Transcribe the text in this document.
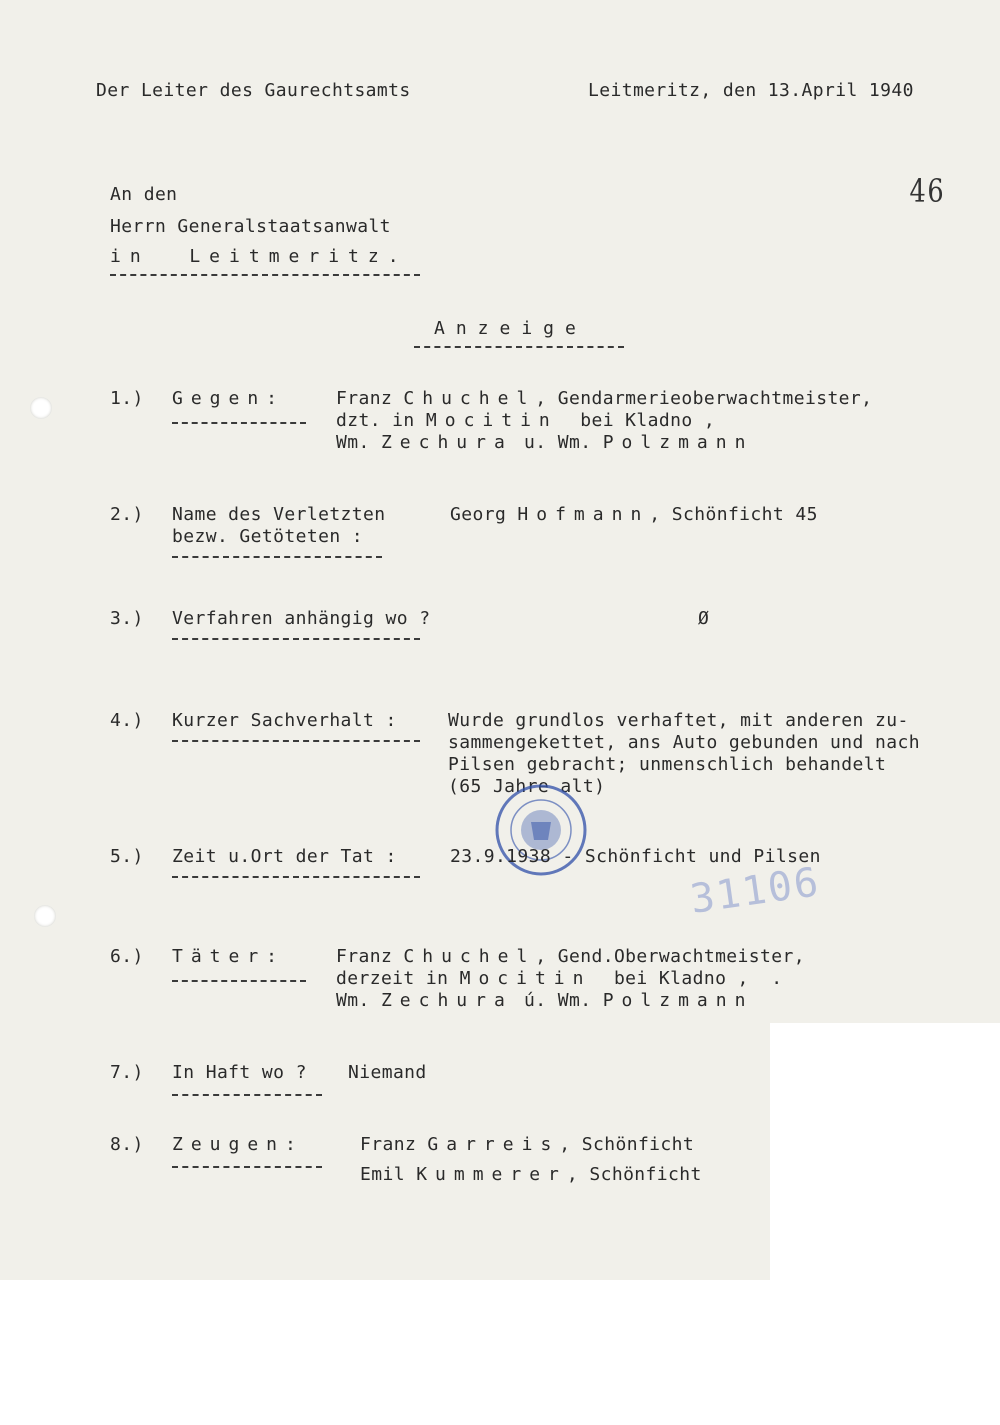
Der Leiter des Gaurechtsamts	Leitmeritz, den 13.April 1940
46
An den
Herrn Generalstaatsanwalt
in  Leitmeritz.
Anzeige
1.) Gegen:	Franz Chuchel, Gendarmerieoberwachtmeister,
dzt. in Mocitin  bei Kladno ,
Wm. Zechura u. Wm. Polzmann
2.) Name des Verletzten
bezw. Getöteten :
Georg Hofmann, Schönficht 45
3.) Verfahren anhängig wo ?	Ø
4.) Kurzer Sachverhalt :	Wurde grundlos verhaftet, mit anderen zu-
sammengekettet, ans Auto gebunden und nach
Pilsen gebracht; unmenschlich behandelt
(65 Jahre alt)
31106
5.) Zeit u.Ort der Tat :	23.9.1938 - Schönficht und Pilsen
6.) Täter:	Franz Chuchel, Gend.Oberwachtmeister,
derzeit in Mocitin  bei Kladno ,  .
Wm. Zechura ú. Wm. Polzmann
7.) In Haft wo ? Niemand
8.) Zeugen:	Franz Garreis, Schönficht
Emil Kummerer, Schönficht
